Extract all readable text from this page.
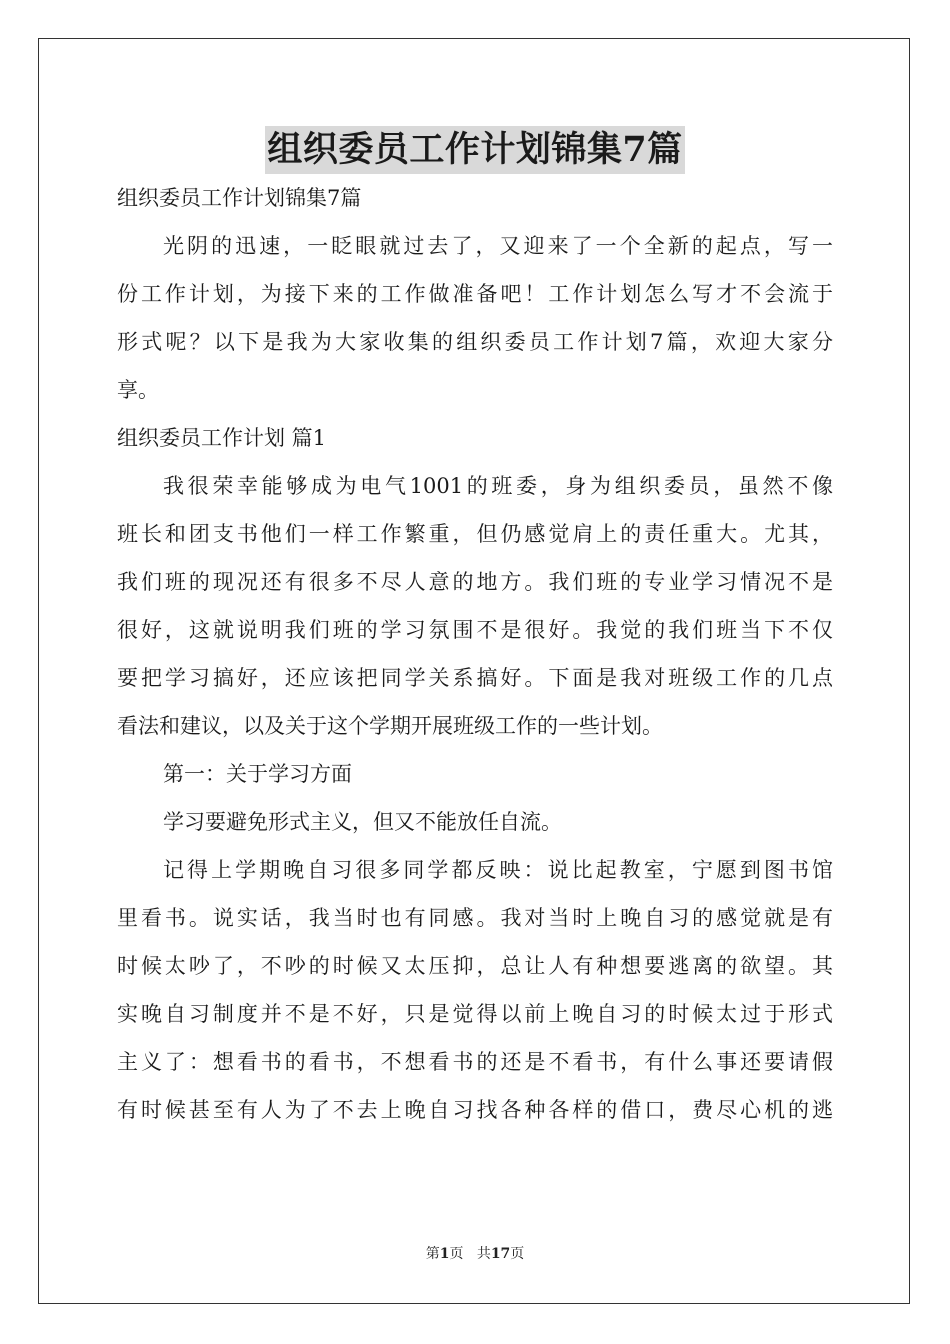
组织委员工作计划锦集7篇
组织委员工作计划锦集7篇
光阴的迅速，一眨眼就过去了，又迎来了一个全新的起点，写一
份工作计划，为接下来的工作做准备吧！工作计划怎么写才不会流于
形式呢？以下是我为大家收集的组织委员工作计划7篇，欢迎大家分
享。
组织委员工作计划 篇1
我很荣幸能够成为电气1001的班委，身为组织委员，虽然不像
班长和团支书他们一样工作繁重，但仍感觉肩上的责任重大。尤其，
我们班的现况还有很多不尽人意的地方。我们班的专业学习情况不是
很好，这就说明我们班的学习氛围不是很好。我觉的我们班当下不仅
要把学习搞好，还应该把同学关系搞好。下面是我对班级工作的几点
看法和建议，以及关于这个学期开展班级工作的一些计划。
第一：关于学习方面
学习要避免形式主义，但又不能放任自流。
记得上学期晚自习很多同学都反映：说比起教室，宁愿到图书馆
里看书。说实话，我当时也有同感。我对当时上晚自习的感觉就是有
时候太吵了，不吵的时候又太压抑，总让人有种想要逃离的欲望。其
实晚自习制度并不是不好，只是觉得以前上晚自习的时候太过于形式
主义了：想看书的看书，不想看书的还是不看书，有什么事还要请假
有时候甚至有人为了不去上晚自习找各种各样的借口，费尽心机的逃
第1页 共17页
